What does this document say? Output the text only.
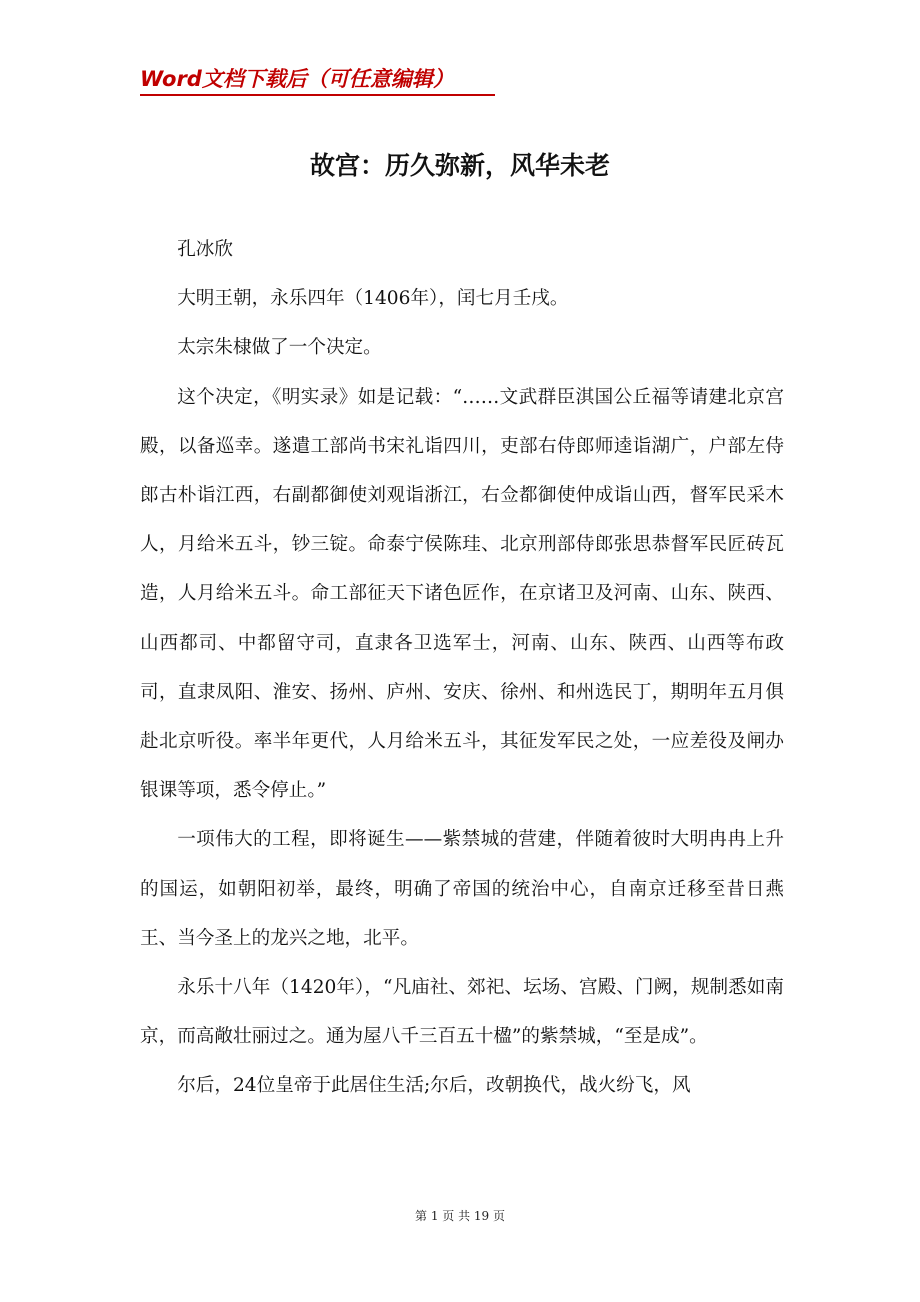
Word文档下载后（可任意编辑）
故宫：历久弥新，风华未老

孔冰欣

大明王朝，永乐四年（1406年），闰七月壬戌。

太宗朱棣做了一个决定。

这个决定，《明实录》如是记载：“……文武群臣淇国公丘福等请建北京宫殿，以备巡幸。遂遣工部尚书宋礼诣四川，吏部右侍郎师逵诣湖广，户部左侍郎古朴诣江西，右副都御使刘观诣浙江，右佥都御使仲成诣山西，督军民采木人，月给米五斗，钞三锭。命泰宁侯陈珪、北京刑部侍郎张思恭督军民匠砖瓦造，人月给米五斗。命工部征天下诸色匠作，在京诸卫及河南、山东、陕西、山西都司、中都留守司，直隶各卫选军士，河南、山东、陕西、山西等布政司，直隶凤阳、淮安、扬州、庐州、安庆、徐州、和州选民丁，期明年五月俱赴北京听役。率半年更代，人月给米五斗，其征发军民之处，一应差役及闸办银课等项，悉令停止。”

一项伟大的工程，即将诞生——紫禁城的营建，伴随着彼时大明冉冉上升的国运，如朝阳初举，最终，明确了帝国的统治中心，自南京迁移至昔日燕王、当今圣上的龙兴之地，北平。

永乐十八年（1420年），“凡庙社、郊祀、坛场、宫殿、门阙，规制悉如南京，而高敞壮丽过之。通为屋八千三百五十楹”的紫禁城，“至是成”。

尔后，24位皇帝于此居住生活;尔后，改朝换代，战火纷飞，风

第 1 页 共 19 页
